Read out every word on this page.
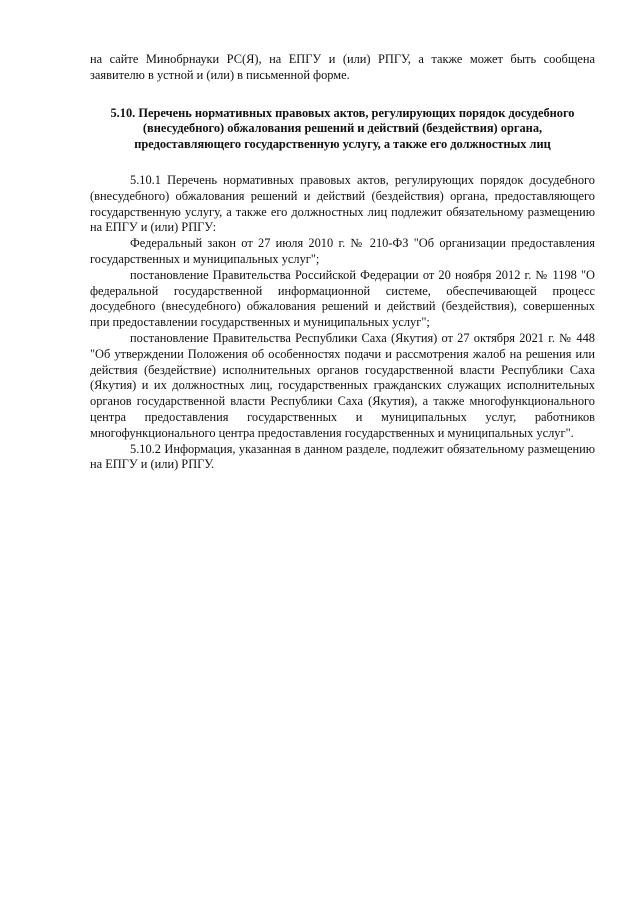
на сайте Минобрнауки РС(Я), на ЕПГУ и (или) РПГУ, а также может быть сообщена заявителю в устной и (или) в письменной форме.

5.10. Перечень нормативных правовых актов, регулирующих порядок досудебного (внесудебного) обжалования решений и действий (бездействия) органа, предоставляющего государственную услугу, а также его должностных лиц

5.10.1 Перечень нормативных правовых актов, регулирующих порядок досудебного (внесудебного) обжалования решений и действий (бездействия) органа, предоставляющего государственную услугу, а также его должностных лиц подлежит обязательному размещению на ЕПГУ и (или) РПГУ:

Федеральный закон от 27 июля 2010 г. № 210-ФЗ "Об организации предоставления государственных и муниципальных услуг";

постановление Правительства Российской Федерации от 20 ноября 2012 г. № 1198 "О федеральной государственной информационной системе, обеспечивающей процесс досудебного (внесудебного) обжалования решений и действий (бездействия), совершенных при предоставлении государственных и муниципальных услуг";

постановление Правительства Республики Саха (Якутия) от 27 октября 2021 г. № 448 "Об утверждении Положения об особенностях подачи и рассмотрения жалоб на решения или действия (бездействие) исполнительных органов государственной власти Республики Саха (Якутия) и их должностных лиц, государственных гражданских служащих исполнительных органов государственной власти Республики Саха (Якутия), а также многофункционального центра предоставления государственных и муниципальных услуг, работников многофункционального центра предоставления государственных и муниципальных услуг".

5.10.2 Информация, указанная в данном разделе, подлежит обязательному размещению на ЕПГУ и (или) РПГУ.
